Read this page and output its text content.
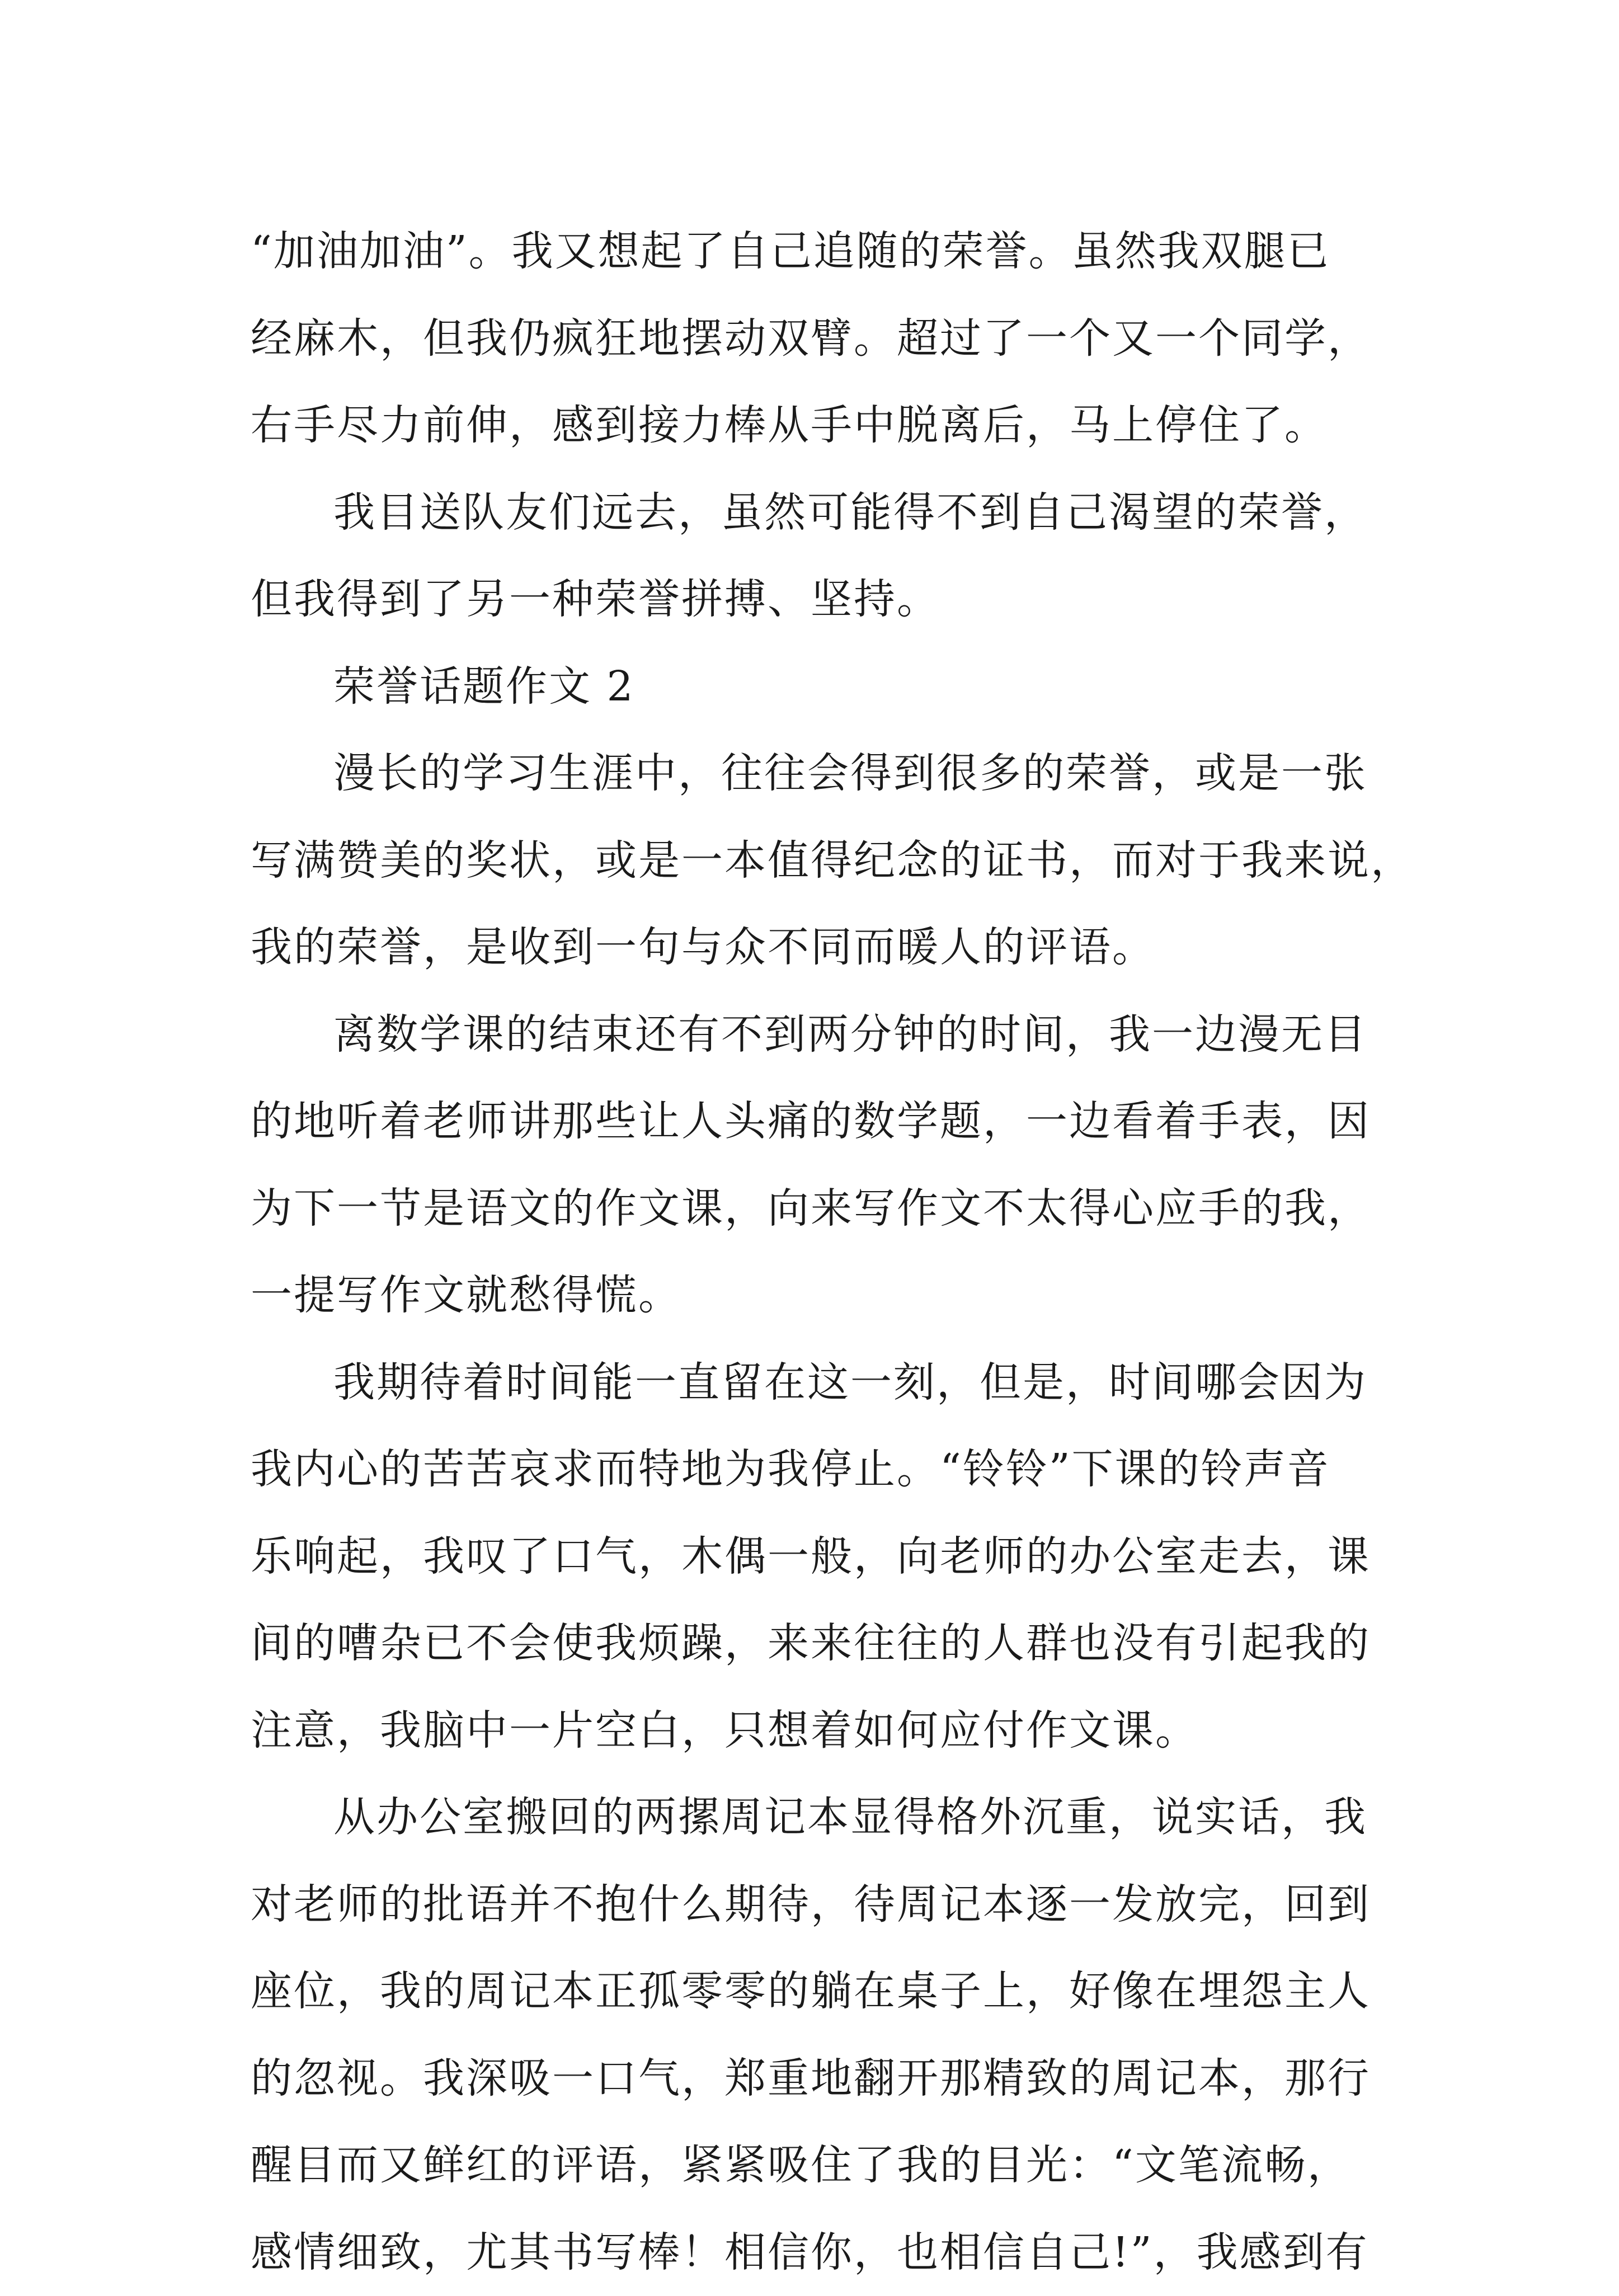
“加油加油”。我又想起了自己追随的荣誉。虽然我双腿已
经麻木，但我仍疯狂地摆动双臂。超过了一个又一个同学，
右手尽力前伸，感到接力棒从手中脱离后，马上停住了。
我目送队友们远去，虽然可能得不到自己渴望的荣誉，
但我得到了另一种荣誉拼搏、坚持。
荣誉话题作文 2
漫长的学习生涯中，往往会得到很多的荣誉，或是一张
写满赞美的奖状，或是一本值得纪念的证书，而对于我来说，
我的荣誉，是收到一句与众不同而暖人的评语。
离数学课的结束还有不到两分钟的时间，我一边漫无目
的地听着老师讲那些让人头痛的数学题，一边看着手表，因
为下一节是语文的作文课，向来写作文不太得心应手的我，
一提写作文就愁得慌。
我期待着时间能一直留在这一刻，但是，时间哪会因为
我内心的苦苦哀求而特地为我停止。“铃铃”下课的铃声音
乐响起，我叹了口气，木偶一般，向老师的办公室走去，课
间的嘈杂已不会使我烦躁，来来往往的人群也没有引起我的
注意，我脑中一片空白，只想着如何应付作文课。
从办公室搬回的两摞周记本显得格外沉重，说实话，我
对老师的批语并不抱什么期待，待周记本逐一发放完，回到
座位，我的周记本正孤零零的躺在桌子上，好像在埋怨主人
的忽视。我深吸一口气，郑重地翻开那精致的周记本，那行
醒目而又鲜红的评语，紧紧吸住了我的目光：“文笔流畅，
感情细致，尤其书写棒！相信你，也相信自己!”，我感到有
